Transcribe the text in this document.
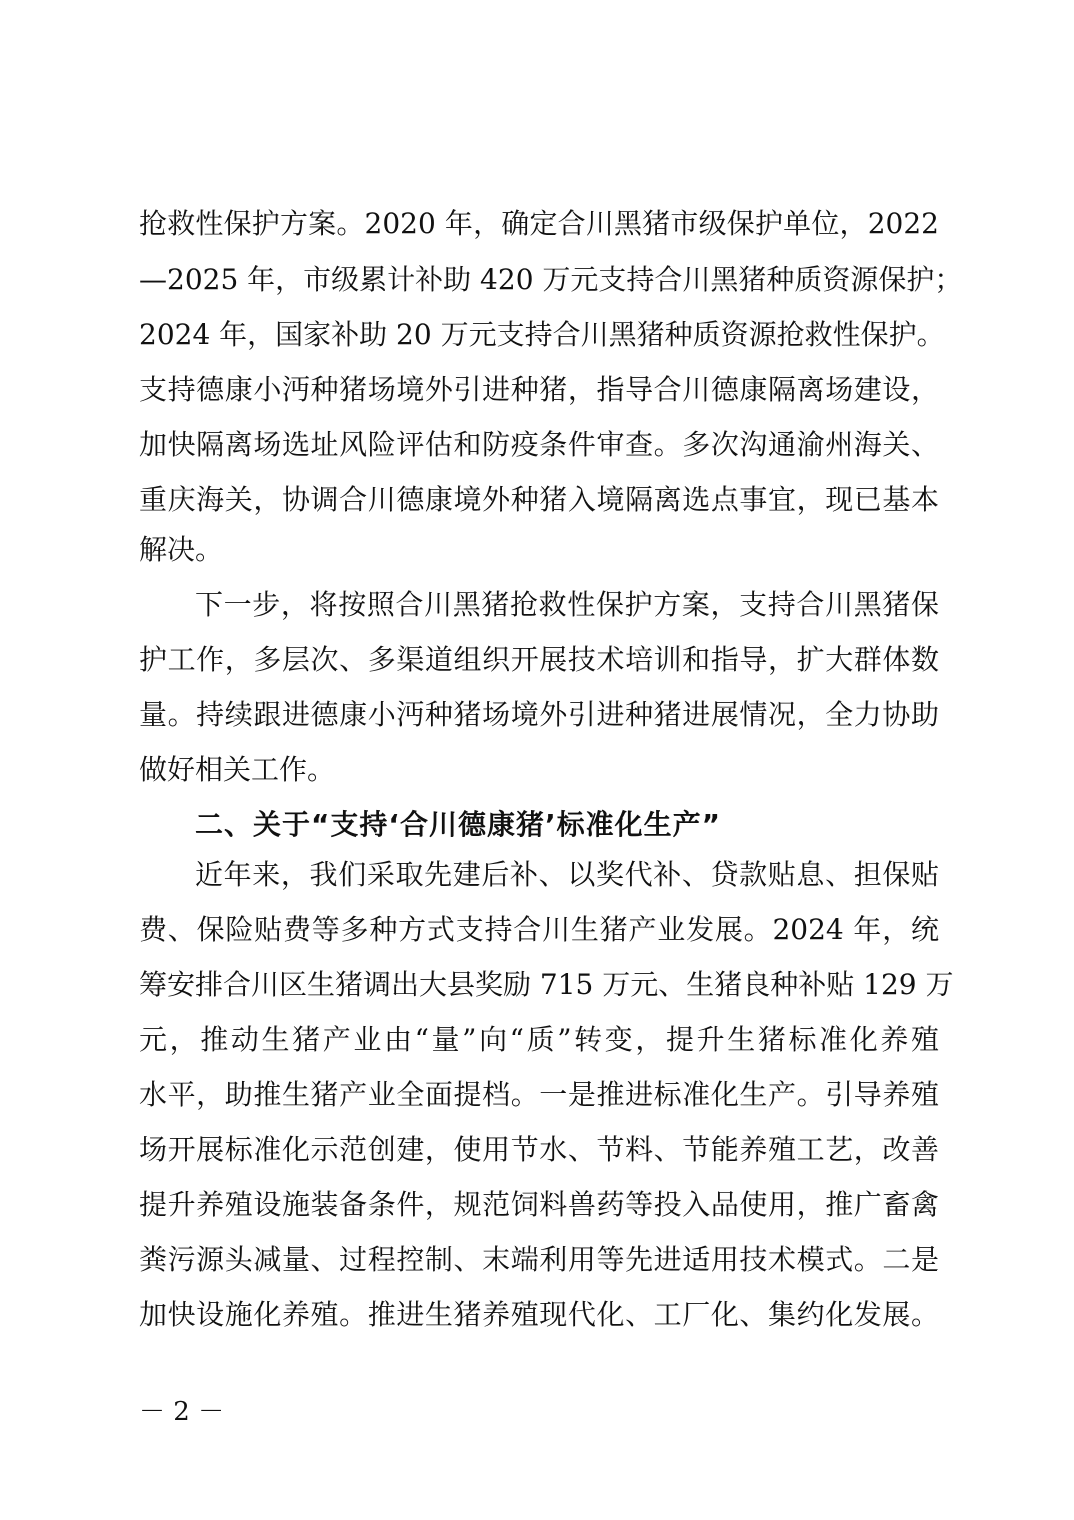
抢救性保护方案。2020 年，确定合川黑猪市级保护单位，2022
—2025 年，市级累计补助 420 万元支持合川黑猪种质资源保护；
2024 年，国家补助 20 万元支持合川黑猪种质资源抢救性保护。
支持德康小沔种猪场境外引进种猪，指导合川德康隔离场建设，
加快隔离场选址风险评估和防疫条件审查。多次沟通渝州海关、
重庆海关，协调合川德康境外种猪入境隔离选点事宜，现已基本
解决。
下一步，将按照合川黑猪抢救性保护方案，支持合川黑猪保
护工作，多层次、多渠道组织开展技术培训和指导，扩大群体数
量。持续跟进德康小沔种猪场境外引进种猪进展情况，全力协助
做好相关工作。
二、关于“支持‘合川德康猪’标准化生产”
近年来，我们采取先建后补、以奖代补、贷款贴息、担保贴
费、保险贴费等多种方式支持合川生猪产业发展。2024 年，统
筹安排合川区生猪调出大县奖励 715 万元、生猪良种补贴 129 万
元，推动生猪产业由“量”向“质”转变，提升生猪标准化养殖
水平，助推生猪产业全面提档。一是推进标准化生产。引导养殖
场开展标准化示范创建，使用节水、节料、节能养殖工艺，改善
提升养殖设施装备条件，规范饲料兽药等投入品使用，推广畜禽
粪污源头减量、过程控制、末端利用等先进适用技术模式。二是
加快设施化养殖。推进生猪养殖现代化、工厂化、集约化发展。
－ 2 －
